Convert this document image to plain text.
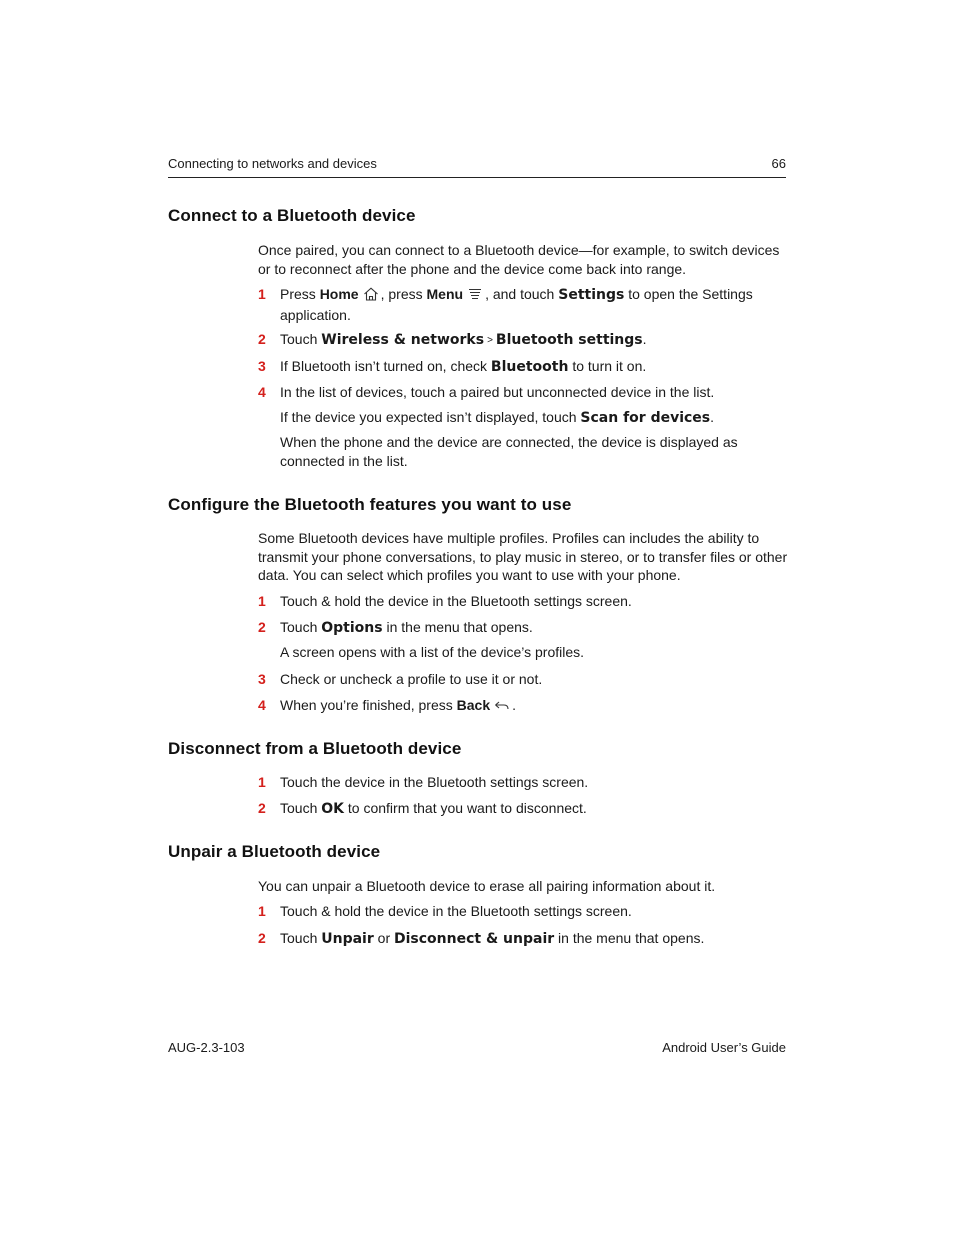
Connecting to networks and devices	66
Connect to a Bluetooth device

Once paired, you can connect to a Bluetooth device—for example, to switch devices or to reconnect after the phone and the device come back into range.

1 Press Home , press Menu , and touch Settings to open the Settings application.
2 Touch Wireless & networks > Bluetooth settings.
3 If Bluetooth isn’t turned on, check Bluetooth to turn it on.
4 In the list of devices, touch a paired but unconnected device in the list.
If the device you expected isn’t displayed, touch Scan for devices.
When the phone and the device are connected, the device is displayed as connected in the list.
Configure the Bluetooth features you want to use

Some Bluetooth devices have multiple profiles. Profiles can includes the ability to transmit your phone conversations, to play music in stereo, or to transfer files or other data. You can select which profiles you want to use with your phone.

1 Touch & hold the device in the Bluetooth settings screen.
2 Touch Options in the menu that opens.
A screen opens with a list of the device’s profiles.
3 Check or uncheck a profile to use it or not.
4 When you’re finished, press Back .
Disconnect from a Bluetooth device
1 Touch the device in the Bluetooth settings screen.
2 Touch OK to confirm that you want to disconnect.
Unpair a Bluetooth device

You can unpair a Bluetooth device to erase all pairing information about it.

1 Touch & hold the device in the Bluetooth settings screen.
2 Touch Unpair or Disconnect & unpair in the menu that opens.
AUG-2.3-103	Android User’s Guide
